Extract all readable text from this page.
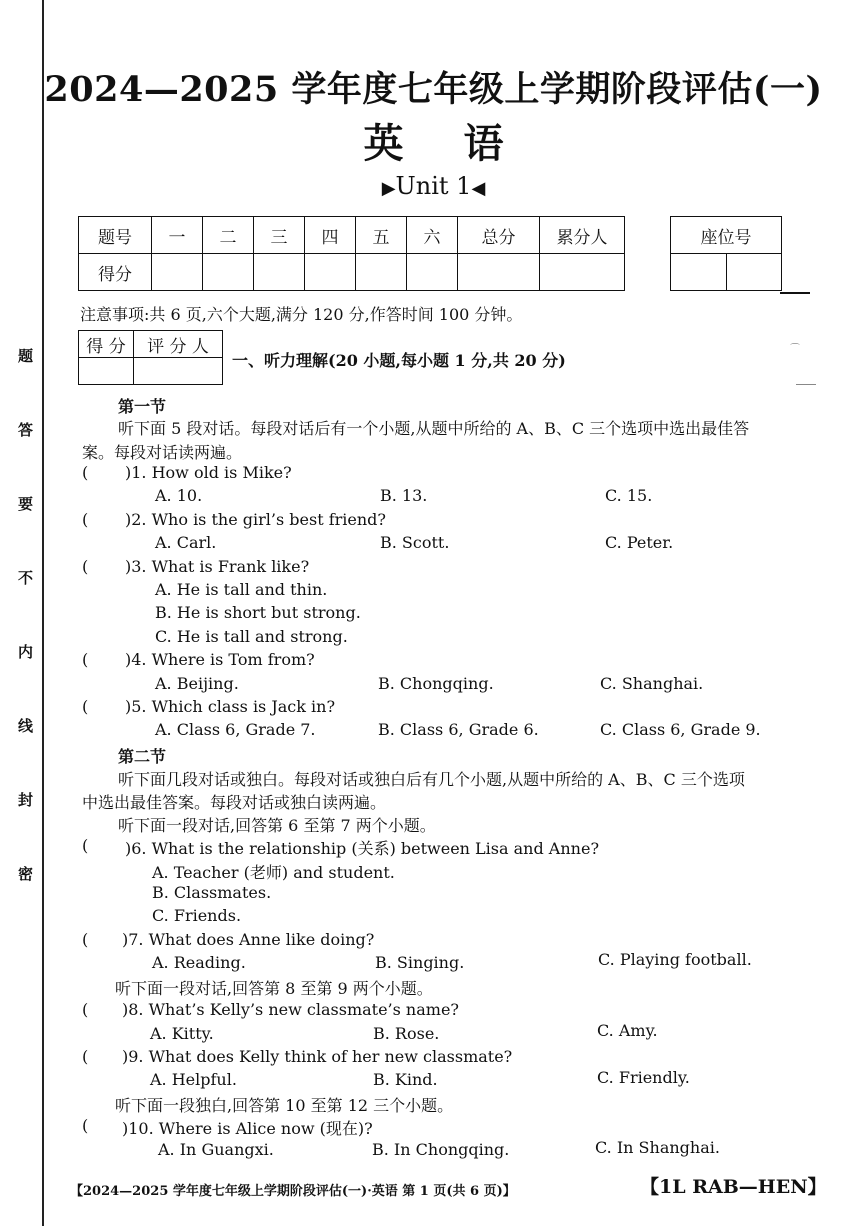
题
答
要
不
内
线
封
密
2024—2025 学年度七年级上学期阶段评估(一)
英语
▶Unit 1◀
题号	一	二	三	四	五	六	总分	累分人
得分								
座位号

注意事项:共 6 页,六个大题,满分 120 分,作答时间 100 分钟。
得 分	评 分 人

一、听力理解(20 小题,每小题 1 分,共 20 分)
⌒
第一节
听下面 5 段对话。每段对话后有一个小题,从题中所给的 A、B、C 三个选项中选出最佳答
案。每段对话读两遍。
( )1. How old is Mike?
A. 10.	B. 13.	C. 15.
( )2. Who is the girl’s best friend?
A. Carl.	B. Scott.	C. Peter.
( )3. What is Frank like?
A. He is tall and thin.
B. He is short but strong.
C. He is tall and strong.
( )4. Where is Tom from?
A. Beijing.	B. Chongqing.	C. Shanghai.
( )5. Which class is Jack in?
A. Class 6, Grade 7.	B. Class 6, Grade 6.	C. Class 6, Grade 9.
第二节
听下面几段对话或独白。每段对话或独白后有几个小题,从题中所给的 A、B、C 三个选项
中选出最佳答案。每段对话或独白读两遍。
听下面一段对话,回答第 6 至第 7 两个小题。
( )6. What is the relationship (关系) between Lisa and Anne?
A. Teacher (老师) and student.
B. Classmates.
C. Friends.
( )7. What does Anne like doing?
A. Reading.	B. Singing.	C. Playing football.
听下面一段对话,回答第 8 至第 9 两个小题。
( )8. What’s Kelly’s new classmate’s name?
A. Kitty.	B. Rose.	C. Amy.
( )9. What does Kelly think of her new classmate?
A. Helpful.	B. Kind.	C. Friendly.
听下面一段独白,回答第 10 至第 12 三个小题。
( )10. Where is Alice now (现在)?
A. In Guangxi.	B. In Chongqing.	C. In Shanghai.
【2024—2025 学年度七年级上学期阶段评估(一)·英语 第 1 页(共 6 页)】	【1L RAB—HEN】
